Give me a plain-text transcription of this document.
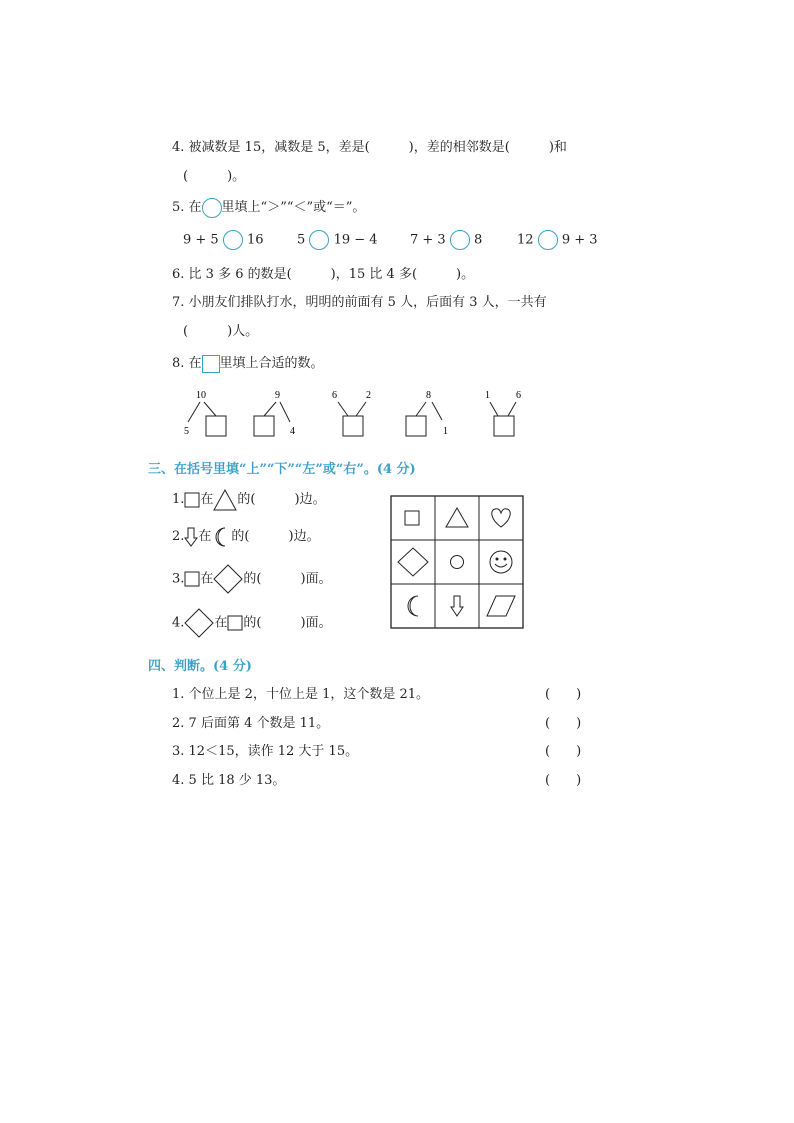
4. 被减数是 15，减数是 5，差是(　　　)，差的相邻数是(　　　)和
(　　　)。
5. 在 里填上“＞”“＜”或“＝”。
9 + 5 16	5 19 − 4 7 + 3 8	12 9 + 3
6. 比 3 多 6 的数是(　　　)，15 比 4 多(　　　)。
7. 小朋友们排队打水，明明的前面有 5 人，后面有 3 人，一共有
(　　　)人。
8. 在 里填上合适的数。
10
5
9
4
6	2	8
1
1	6
三、在括号里填“上”“下”“左”或“右”。(4 分)
1. 在 的(　　　)边。
2. 在 的(　　　)边。
3. 在 的(　　　)面。
4. 在 的(　　　)面。
四、判断。(4 分)
1. 个位上是 2，十位上是 1，这个数是 21。	(　　)
2. 7 后面第 4 个数是 11。	(　　)
3. 12＜15，读作 12 大于 15。	(　　)
4. 5 比 18 少 13。	(　　)
